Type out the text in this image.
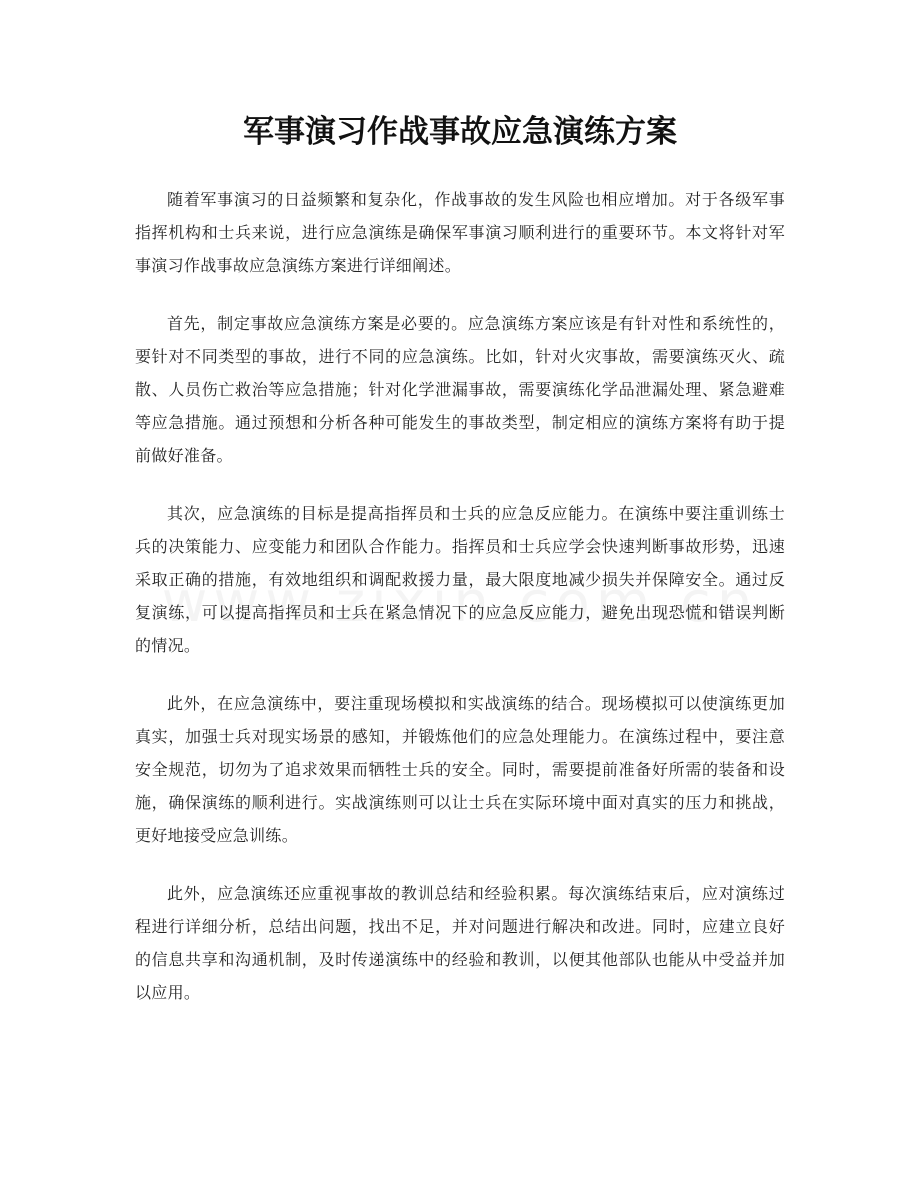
军事演习作战事故应急演练方案

随着军事演习的日益频繁和复杂化，作战事故的发生风险也相应增加。对于各级军事指挥机构和士兵来说，进行应急演练是确保军事演习顺利进行的重要环节。本文将针对军事演习作战事故应急演练方案进行详细阐述。

首先，制定事故应急演练方案是必要的。应急演练方案应该是有针对性和系统性的，要针对不同类型的事故，进行不同的应急演练。比如，针对火灾事故，需要演练灭火、疏散、人员伤亡救治等应急措施；针对化学泄漏事故，需要演练化学品泄漏处理、紧急避难等应急措施。通过预想和分析各种可能发生的事故类型，制定相应的演练方案将有助于提前做好准备。

其次，应急演练的目标是提高指挥员和士兵的应急反应能力。在演练中要注重训练士兵的决策能力、应变能力和团队合作能力。指挥员和士兵应学会快速判断事故形势，迅速采取正确的措施，有效地组织和调配救援力量，最大限度地减少损失并保障安全。通过反复演练，可以提高指挥员和士兵在紧急情况下的应急反应能力，避免出现恐慌和错误判断的情况。

此外，在应急演练中，要注重现场模拟和实战演练的结合。现场模拟可以使演练更加真实，加强士兵对现实场景的感知，并锻炼他们的应急处理能力。在演练过程中，要注意安全规范，切勿为了追求效果而牺牲士兵的安全。同时，需要提前准备好所需的装备和设施，确保演练的顺利进行。实战演练则可以让士兵在实际环境中面对真实的压力和挑战，更好地接受应急训练。

此外，应急演练还应重视事故的教训总结和经验积累。每次演练结束后，应对演练过程进行详细分析，总结出问题，找出不足，并对问题进行解决和改进。同时，应建立良好的信息共享和沟通机制，及时传递演练中的经验和教训，以便其他部队也能从中受益并加以应用。
